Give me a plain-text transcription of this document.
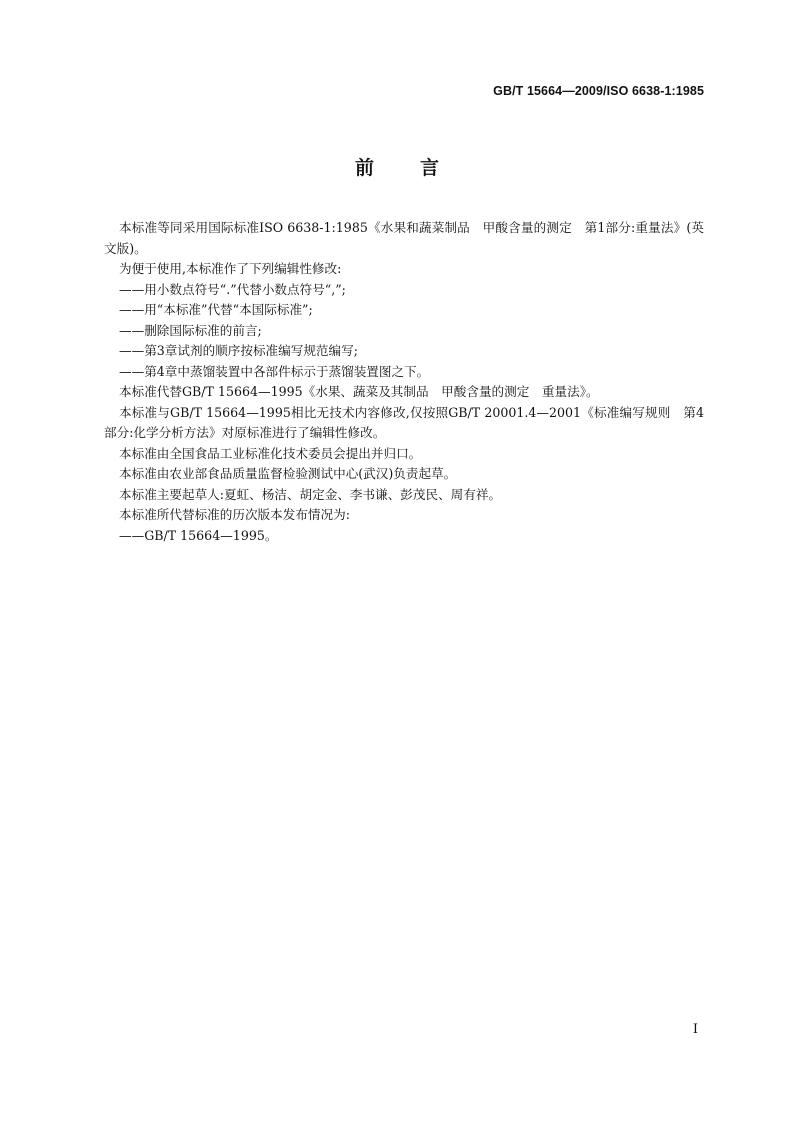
GB/T 15664—2009/ISO 6638-1:1985
前言

本标准等同采用国际标准ISO 6638-1:1985《水果和蔬菜制品　甲酸含量的测定　第1部分:重量法》(英文版)。

为便于使用,本标准作了下列编辑性修改:

——用小数点符号“.”代替小数点符号“,”;

——用“本标准”代替“本国际标准”;

——删除国际标准的前言;

——第3章试剂的顺序按标准编写规范编写;

——第4章中蒸馏装置中各部件标示于蒸馏装置图之下。

本标准代替GB/T 15664—1995《水果、蔬菜及其制品　甲酸含量的测定　重量法》。

本标准与GB/T 15664—1995相比无技术内容修改,仅按照GB/T 20001.4—2001《标准编写规则　第4部分:化学分析方法》对原标准进行了编辑性修改。

本标准由全国食品工业标准化技术委员会提出并归口。

本标准由农业部食品质量监督检验测试中心(武汉)负责起草。

本标准主要起草人:夏虹、杨洁、胡定金、李书谦、彭茂民、周有祥。

本标准所代替标准的历次版本发布情况为:

——GB/T 15664—1995。

I
